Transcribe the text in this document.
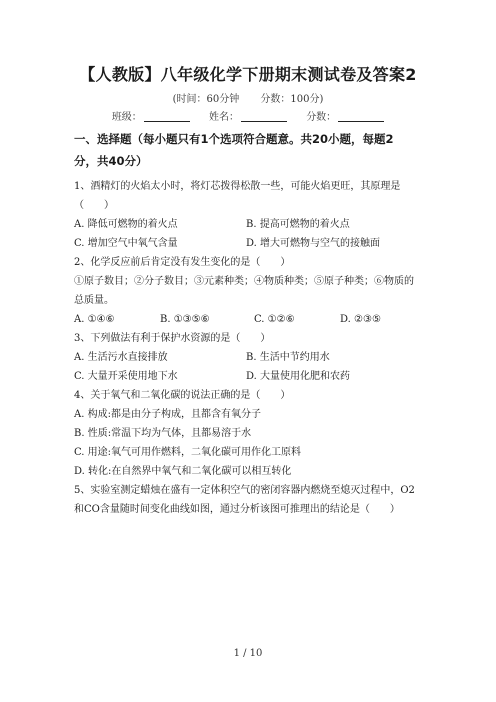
【人教版】八年级化学下册期末测试卷及答案2
(时间：60分钟 分数：100分)
班级：	姓名：	分数：
一、选择题（每小题只有1个选项符合题意。共20小题，每题2
分，共40分）
1、酒精灯的火焰太小时，将灯芯拨得松散一些，可能火焰更旺，其原理是
（　　）
A. 降低可燃物的着火点	B. 提高可燃物的着火点
C. 增加空气中氧气含量	D. 增大可燃物与空气的接触面
2、化学反应前后肯定没有发生变化的是（　　）
①原子数目；②分子数目；③元素种类；④物质种类；⑤原子种类；⑥物质的
总质量。
A. ①④⑥	B. ①③⑤⑥	C. ①②⑥	D. ②③⑤
3、下列做法有利于保护水资源的是（　　）
A. 生活污水直接排放	B. 生活中节约用水
C. 大量开采使用地下水	D. 大量使用化肥和农药
4、关于氧气和二氧化碳的说法正确的是（　　）
A. 构成:都是由分子构成，且都含有氧分子
B. 性质:常温下均为气体，且都易溶于水
C. 用途:氧气可用作燃料，二氧化碳可用作化工原料
D. 转化:在自然界中氧气和二氧化碳可以相互转化
5、实验室测定蜡烛在盛有一定体积空气的密闭容器内燃烧至熄灭过程中，O2
和CO含量随时间变化曲线如图，通过分析该图可推理出的结论是（　　）
1 / 10
